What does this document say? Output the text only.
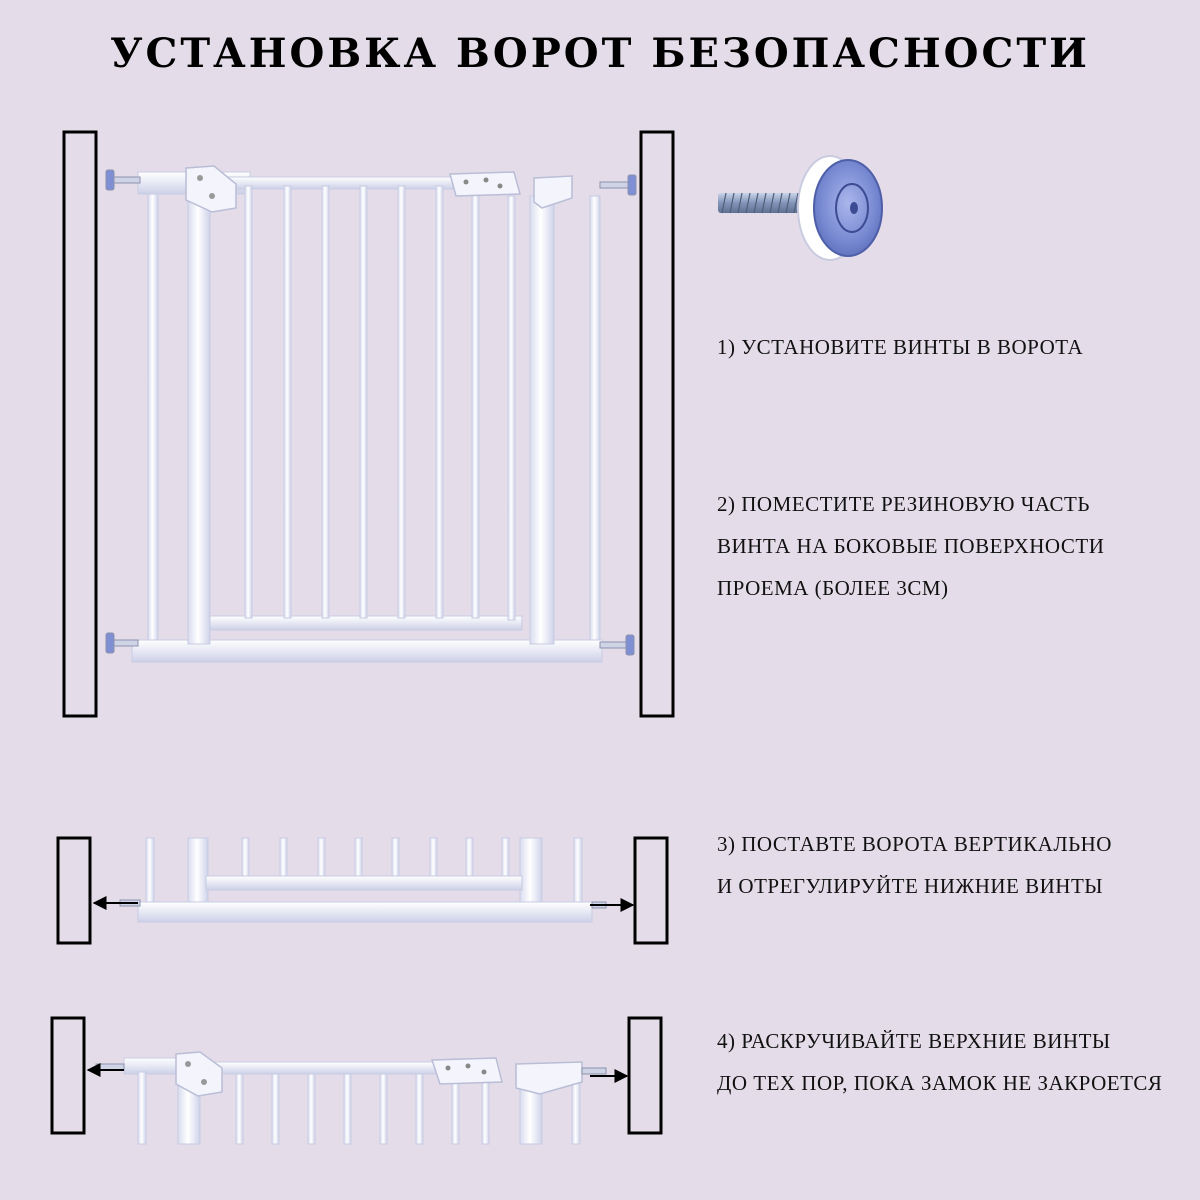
УСТАНОВКА ВОРОТ БЕЗОПАСНОСТИ
1) УСТАНОВИТЕ ВИНТЫ В ВОРОТА
2) ПОМЕСТИТЕ РЕЗИНОВУЮ ЧАСТЬ
ВИНТА НА БОКОВЫЕ ПОВЕРХНОСТИ
ПРОЕМА (БОЛЕЕ 3СМ)
3) ПОСТАВТЕ ВОРОТА ВЕРТИКАЛЬНО
И ОТРЕГУЛИРУЙТЕ НИЖНИЕ ВИНТЫ
4) РАСКРУЧИВАЙТЕ ВЕРХНИЕ ВИНТЫ
ДО ТЕХ ПОР, ПОКА ЗАМОК НЕ ЗАКРОЕТСЯ
